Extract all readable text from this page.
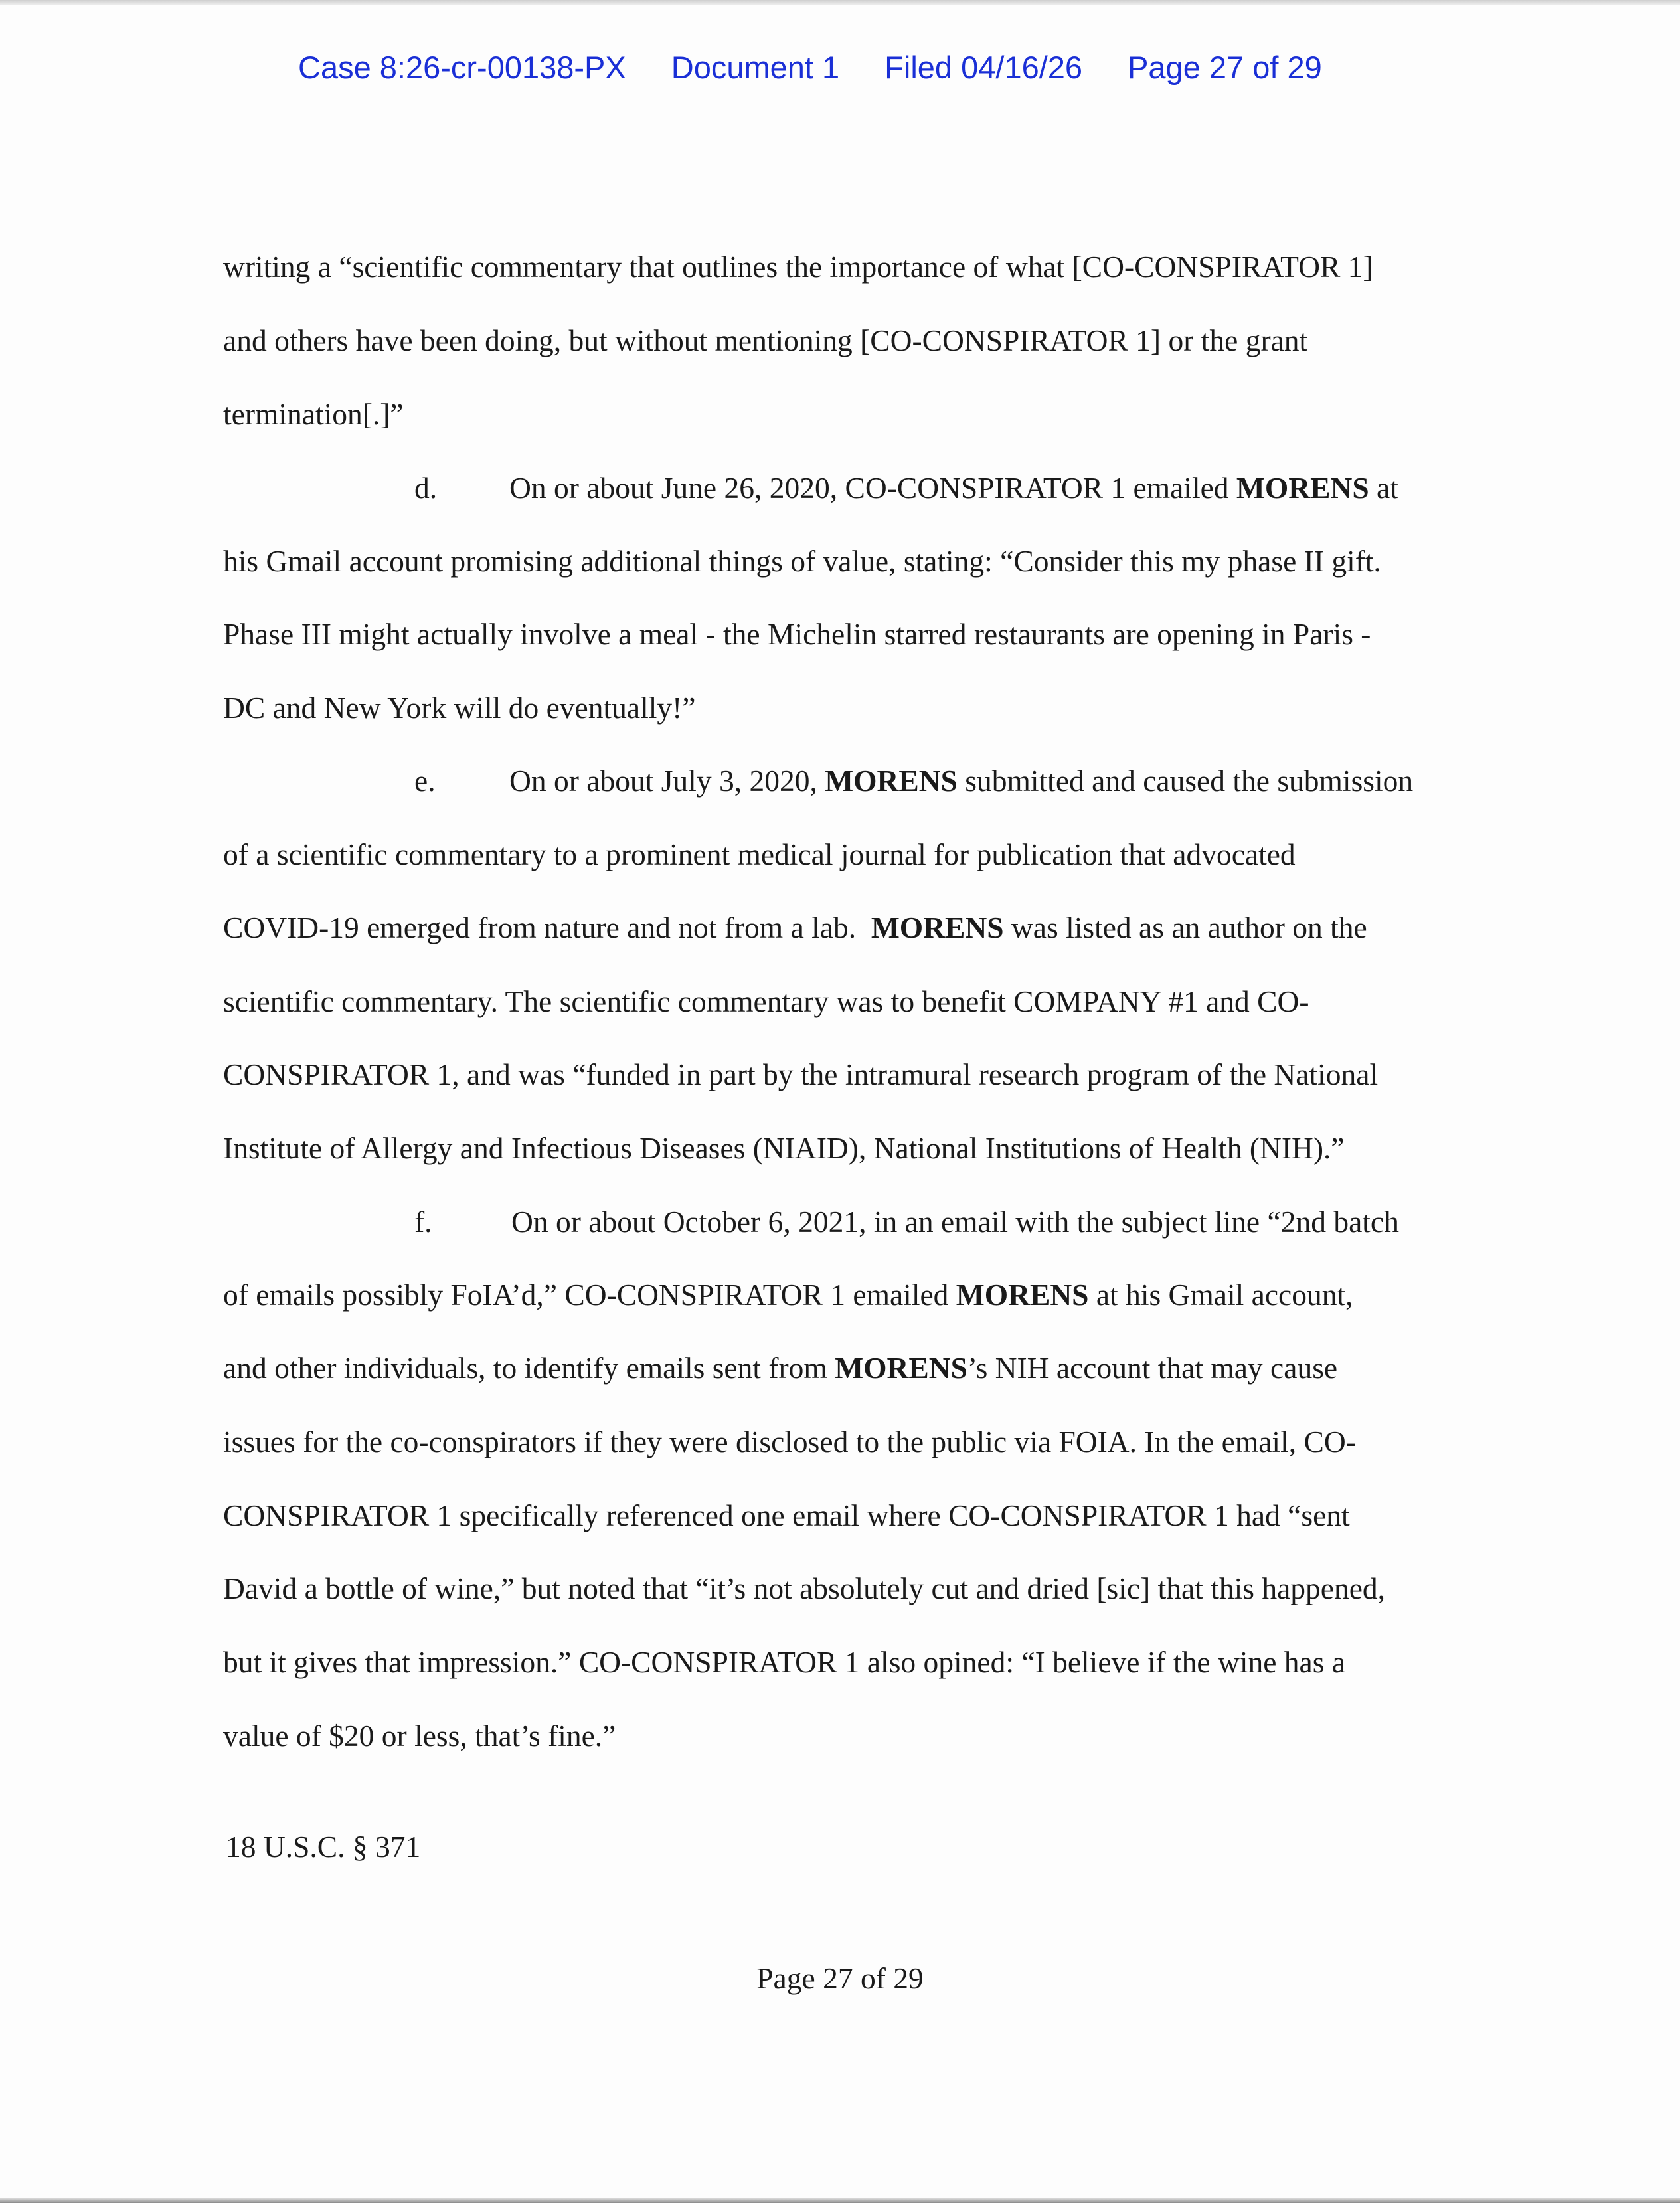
Case 8:26-cr-00138-PX Document 1 Filed 04/16/26 Page 27 of 29
writing a “scientific commentary that outlines the importance of what [CO-CONSPIRATOR 1]
and others have been doing, but without mentioning [CO-CONSPIRATOR 1] or the grant
termination[.]”
d. On or about June 26, 2020, CO-CONSPIRATOR 1 emailed MORENS at
his Gmail account promising additional things of value, stating: “Consider this my phase II gift.
Phase III might actually involve a meal - the Michelin starred restaurants are opening in Paris -
DC and New York will do eventually!”
e. On or about July 3, 2020, MORENS submitted and caused the submission
of a scientific commentary to a prominent medical journal for publication that advocated
COVID-19 emerged from nature and not from a lab.  MORENS was listed as an author on the
scientific commentary. The scientific commentary was to benefit COMPANY #1 and CO-
CONSPIRATOR 1, and was “funded in part by the intramural research program of the National
Institute of Allergy and Infectious Diseases (NIAID), National Institutions of Health (NIH).”
f.	On or about October 6, 2021, in an email with the subject line “2nd batch
of emails possibly FoIA’d,” CO-CONSPIRATOR 1 emailed MORENS at his Gmail account,
and other individuals, to identify emails sent from MORENS’s NIH account that may cause
issues for the co-conspirators if they were disclosed to the public via FOIA. In the email, CO-
CONSPIRATOR 1 specifically referenced one email where CO-CONSPIRATOR 1 had “sent
David a bottle of wine,” but noted that “it’s not absolutely cut and dried [sic] that this happened,
but it gives that impression.” CO-CONSPIRATOR 1 also opined: “I believe if the wine has a
value of $20 or less, that’s fine.”
18 U.S.C. § 371
Page 27 of 29
